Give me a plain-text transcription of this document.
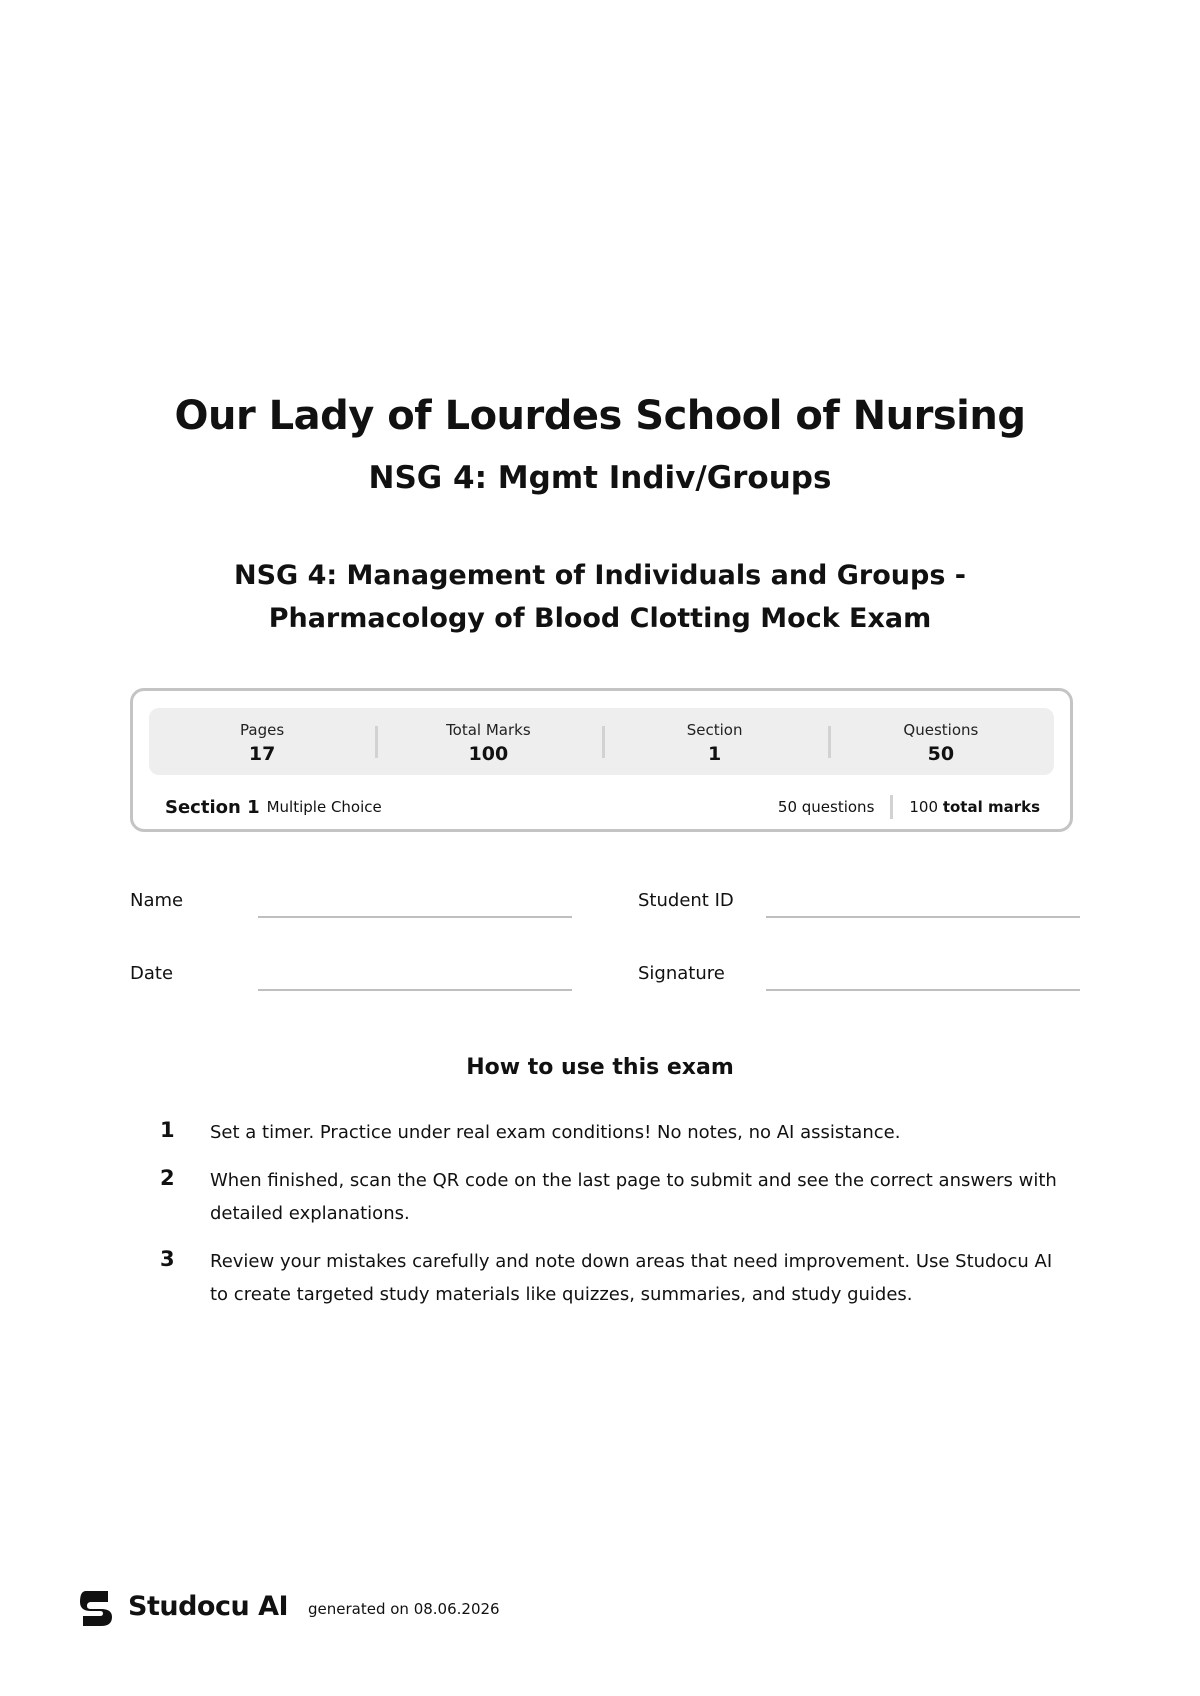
Our Lady of Lourdes School of Nursing
NSG 4: Mgmt Indiv/Groups
NSG 4: Management of Individuals and Groups - Pharmacology of Blood Clotting Mock Exam
Pages
17
Total Marks
100
Section
1
Questions
50
Section 1 Multiple Choice	50 questions 100 total marks
Name	Student ID
Date	Signature
How to use this exam
1 Set a timer. Practice under real exam conditions! No notes, no AI assistance.
2 When finished, scan the QR code on the last page to submit and see the correct answers with detailed explanations.
3 Review your mistakes carefully and note down areas that need improvement. Use Studocu AI to create targeted study materials like quizzes, summaries, and study guides.
Studocu AI generated on 08.06.2026
